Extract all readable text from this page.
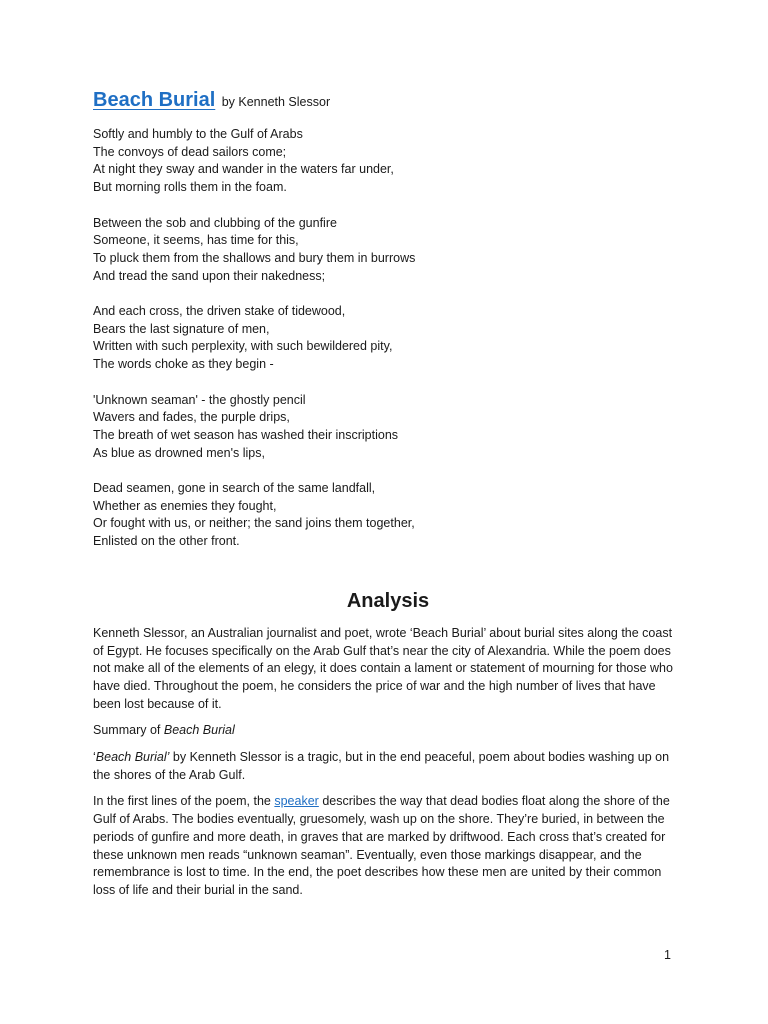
Beach Burial by Kenneth Slessor
Softly and humbly to the Gulf of Arabs
The convoys of dead sailors come;
At night they sway and wander in the waters far under,
But morning rolls them in the foam.
Between the sob and clubbing of the gunfire
Someone, it seems, has time for this,
To pluck them from the shallows and bury them in burrows
And tread the sand upon their nakedness;
And each cross, the driven stake of tidewood,
Bears the last signature of men,
Written with such perplexity, with such bewildered pity,
The words choke as they begin -
'Unknown seaman' - the ghostly pencil
Wavers and fades, the purple drips,
The breath of wet season has washed their inscriptions
As blue as drowned men's lips,
Dead seamen, gone in search of the same landfall,
Whether as enemies they fought,
Or fought with us, or neither; the sand joins them together,
Enlisted on the other front.
Analysis

Kenneth Slessor, an Australian journalist and poet, wrote ‘Beach Burial’ about burial sites along the coast of Egypt. He focuses specifically on the Arab Gulf that’s near the city of Alexandria. While the poem does not make all of the elements of an elegy, it does contain a lament or statement of mourning for those who have died. Throughout the poem, he considers the price of war and the high number of lives that have been lost because of it.

Summary of Beach Burial

‘Beach Burial’ by Kenneth Slessor is a tragic, but in the end peaceful, poem about bodies washing up on the shores of the Arab Gulf.

In the first lines of the poem, the speaker describes the way that dead bodies float along the shore of the Gulf of Arabs. The bodies eventually, gruesomely, wash up on the shore. They’re buried, in between the periods of gunfire and more death, in graves that are marked by driftwood. Each cross that’s created for these unknown men reads “unknown seaman”. Eventually, even those markings disappear, and the remembrance is lost to time. In the end, the poet describes how these men are united by their common loss of life and their burial in the sand.

1
